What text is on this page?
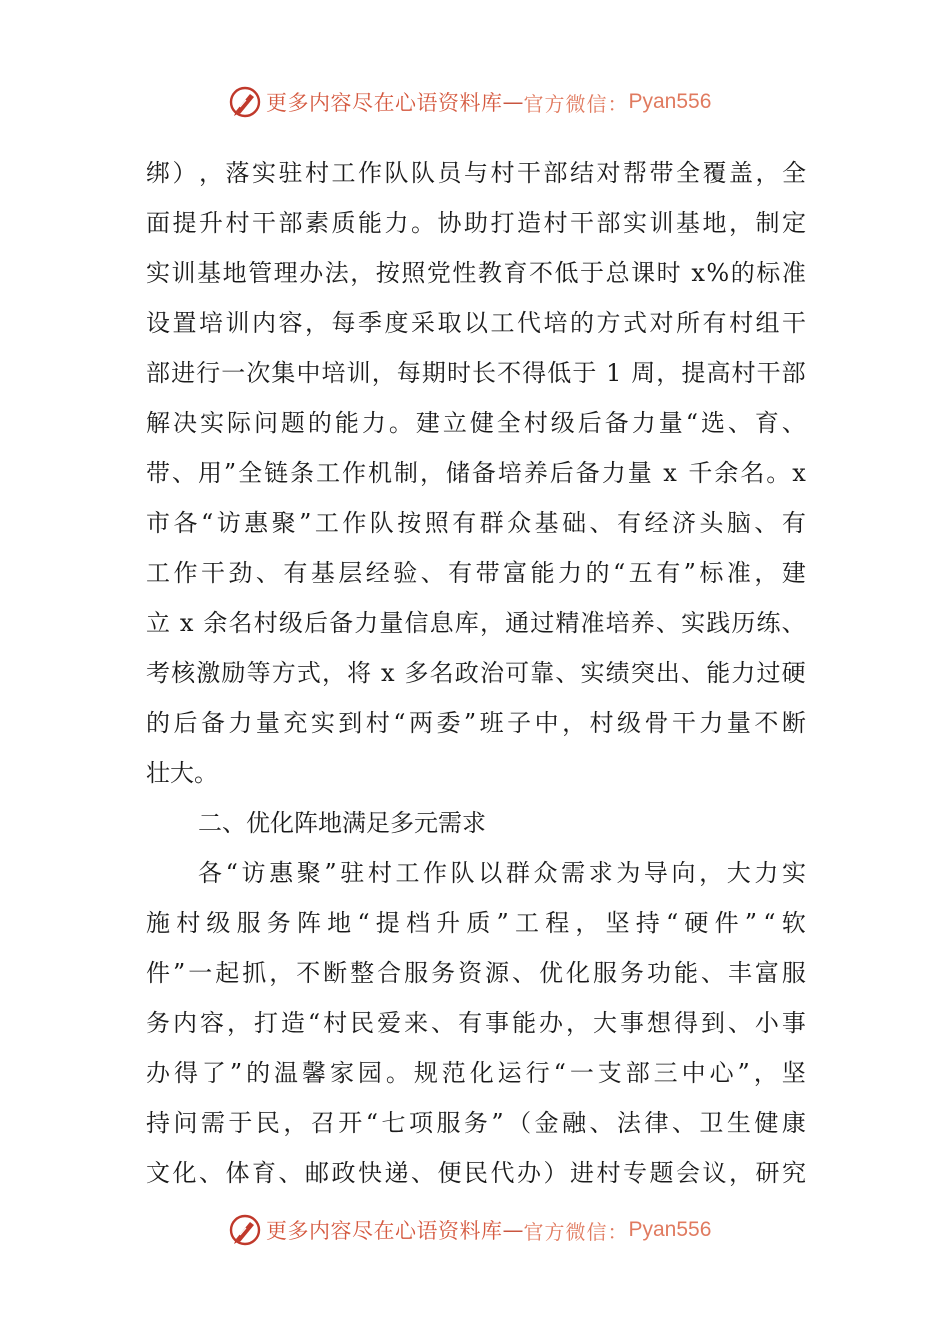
更多内容尽在心语资料库 — 官方微信： Pyan556
绑 ） ， 落 实 驻 村 工 作 队 队 员 与 村 干 部 结 对 帮 带 全 覆 盖 ， 全
面 提 升 村 干 部 素 质 能 力 。 协 助 打 造 村 干 部 实 训 基 地 ， 制 定
实 训 基 地 管 理 办 法 ， 按 照 党 性 教 育 不 低 于 总 课 时
x % 的 标 准
设 置 培 训 内 容 ， 每 季 度 采 取 以 工 代 培 的 方 式 对 所 有 村 组 干
部 进 行 一 次 集 中 培 训 ， 每 期 时 长 不 得 低 于
1
周 ， 提 高 村 干 部
解 决 实 际 问 题 的 能 力 。 建 立 健 全 村 级 后 备 力 量 “ 选 、 育 、
带 、 用 ” 全 链 条 工 作 机 制 ， 储 备 培 养 后 备 力 量
x
千 余 名 。 x
市 各 “ 访 惠 聚 ” 工 作 队 按 照 有 群 众 基 础 、 有 经 济 头 脑 、 有
工 作 干 劲 、 有 基 层 经 验 、 有 带 富 能 力 的 “ 五 有 ” 标 准 ， 建
立
x
余 名 村 级 后 备 力 量 信 息 库 ， 通 过 精 准 培 养 、 实 践 历 练 、
考 核 激 励 等 方 式 ， 将
x
多 名 政 治 可 靠 、 实 绩 突 出 、 能 力 过 硬
的 后 备 力 量 充 实 到 村 “ 两 委 ” 班 子 中 ， 村 级 骨 干 力 量 不 断
壮大。
二、优化阵地满足多元需求
各 “ 访 惠 聚 ” 驻 村 工 作 队 以 群 众 需 求 为 导 向 ， 大 力 实
施 村 级 服 务 阵 地 “ 提 档 升 质 ” 工 程 ， 坚 持 “ 硬 件 ” “ 软
件 ” 一 起 抓 ， 不 断 整 合 服 务 资 源 、 优 化 服 务 功 能 、 丰 富 服
务 内 容 ， 打 造 “ 村 民 爱 来 、 有 事 能 办 ， 大 事 想 得 到 、 小 事
办 得 了 ” 的 温 馨 家 园 。 规 范 化 运 行 “ 一 支 部 三 中 心 ” ， 坚
持 问 需 于 民 ， 召 开 “ 七 项 服 务 ” （ 金 融 、 法 律 、 卫 生 健 康
文 化 、 体 育 、 邮 政 快 递 、 便 民 代 办 ） 进 村 专 题 会 议 ， 研 究
更多内容尽在心语资料库 — 官方微信： Pyan556
